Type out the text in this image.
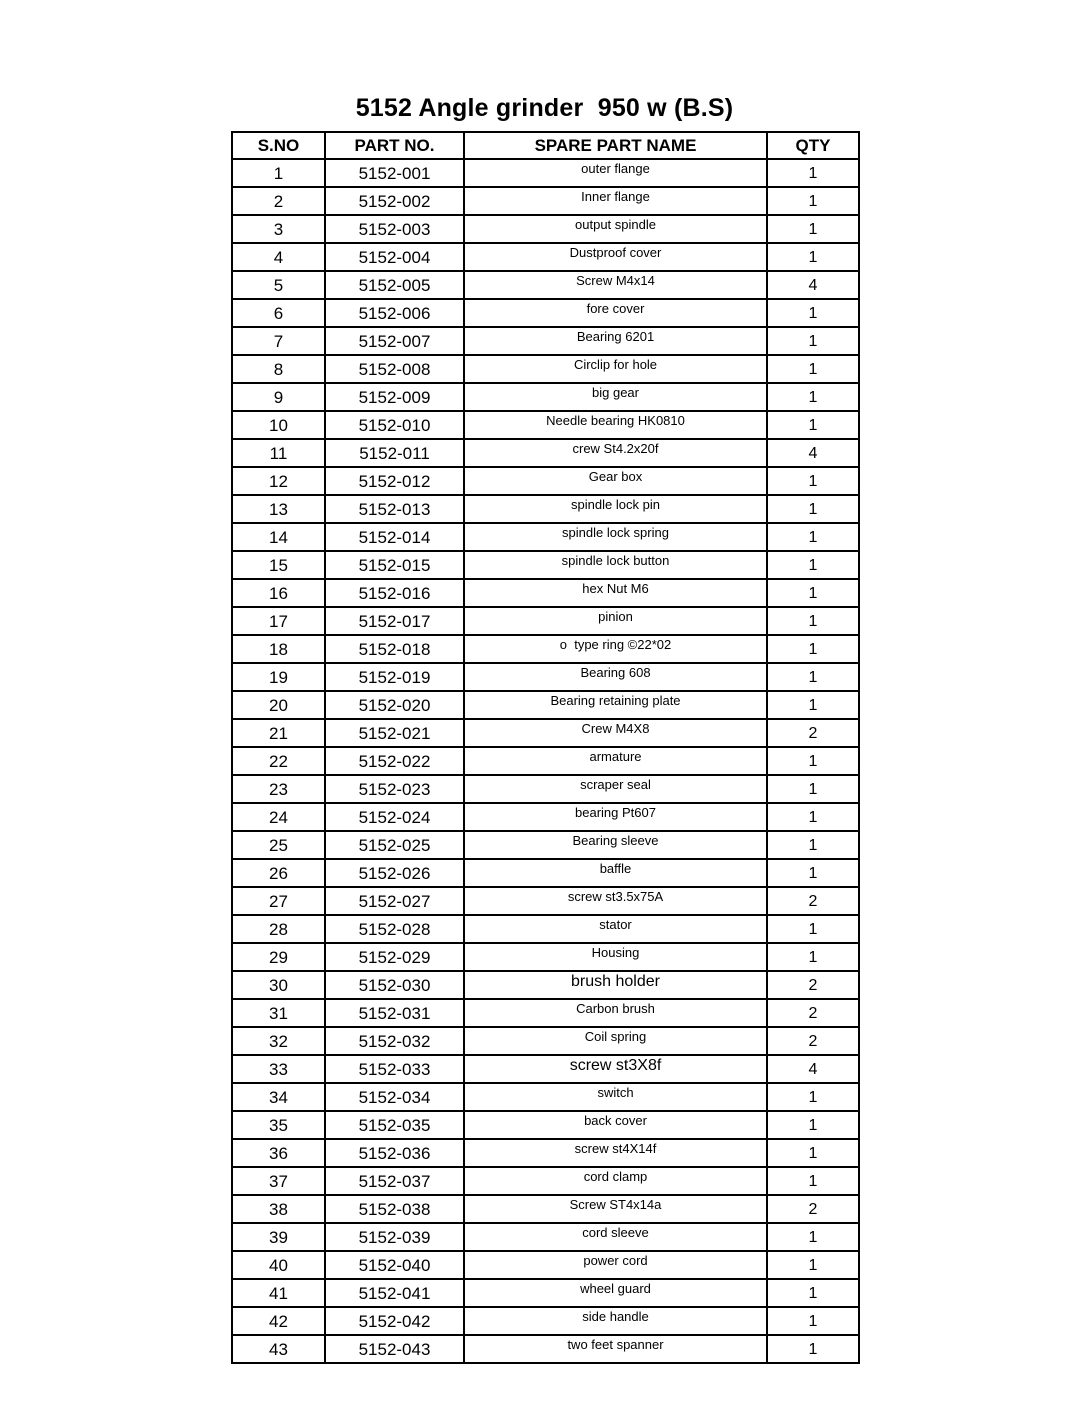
5152 Angle grinder  950 w (B.S)
S.NO	PART NO.	SPARE PART NAME	QTY
1	5152-001	outer flange	1
2	5152-002	Inner flange	1
3	5152-003	output spindle	1
4	5152-004	Dustproof cover	1
5	5152-005	Screw M4x14	4
6	5152-006	fore cover	1
7	5152-007	Bearing 6201	1
8	5152-008	Circlip for hole	1
9	5152-009	big gear	1
10	5152-010	Needle bearing HK0810	1
11	5152-011	crew St4.2x20f	4
12	5152-012	Gear box	1
13	5152-013	spindle lock pin	1
14	5152-014	spindle lock spring	1
15	5152-015	spindle lock button	1
16	5152-016	hex Nut M6	1
17	5152-017	pinion	1
18	5152-018	o  type ring ©22*02	1
19	5152-019	Bearing 608	1
20	5152-020	Bearing retaining plate	1
21	5152-021	Crew M4X8	2
22	5152-022	armature	1
23	5152-023	scraper seal	1
24	5152-024	bearing Pt607	1
25	5152-025	Bearing sleeve	1
26	5152-026	baffle	1
27	5152-027	screw st3.5x75A	2
28	5152-028	stator	1
29	5152-029	Housing	1
30	5152-030	brush holder	2
31	5152-031	Carbon brush	2
32	5152-032	Coil spring	2
33	5152-033	screw st3X8f	4
34	5152-034	switch	1
35	5152-035	back cover	1
36	5152-036	screw st4X14f	1
37	5152-037	cord clamp	1
38	5152-038	Screw ST4x14a	2
39	5152-039	cord sleeve	1
40	5152-040	power cord	1
41	5152-041	wheel guard	1
42	5152-042	side handle	1
43	5152-043	two feet spanner	1
